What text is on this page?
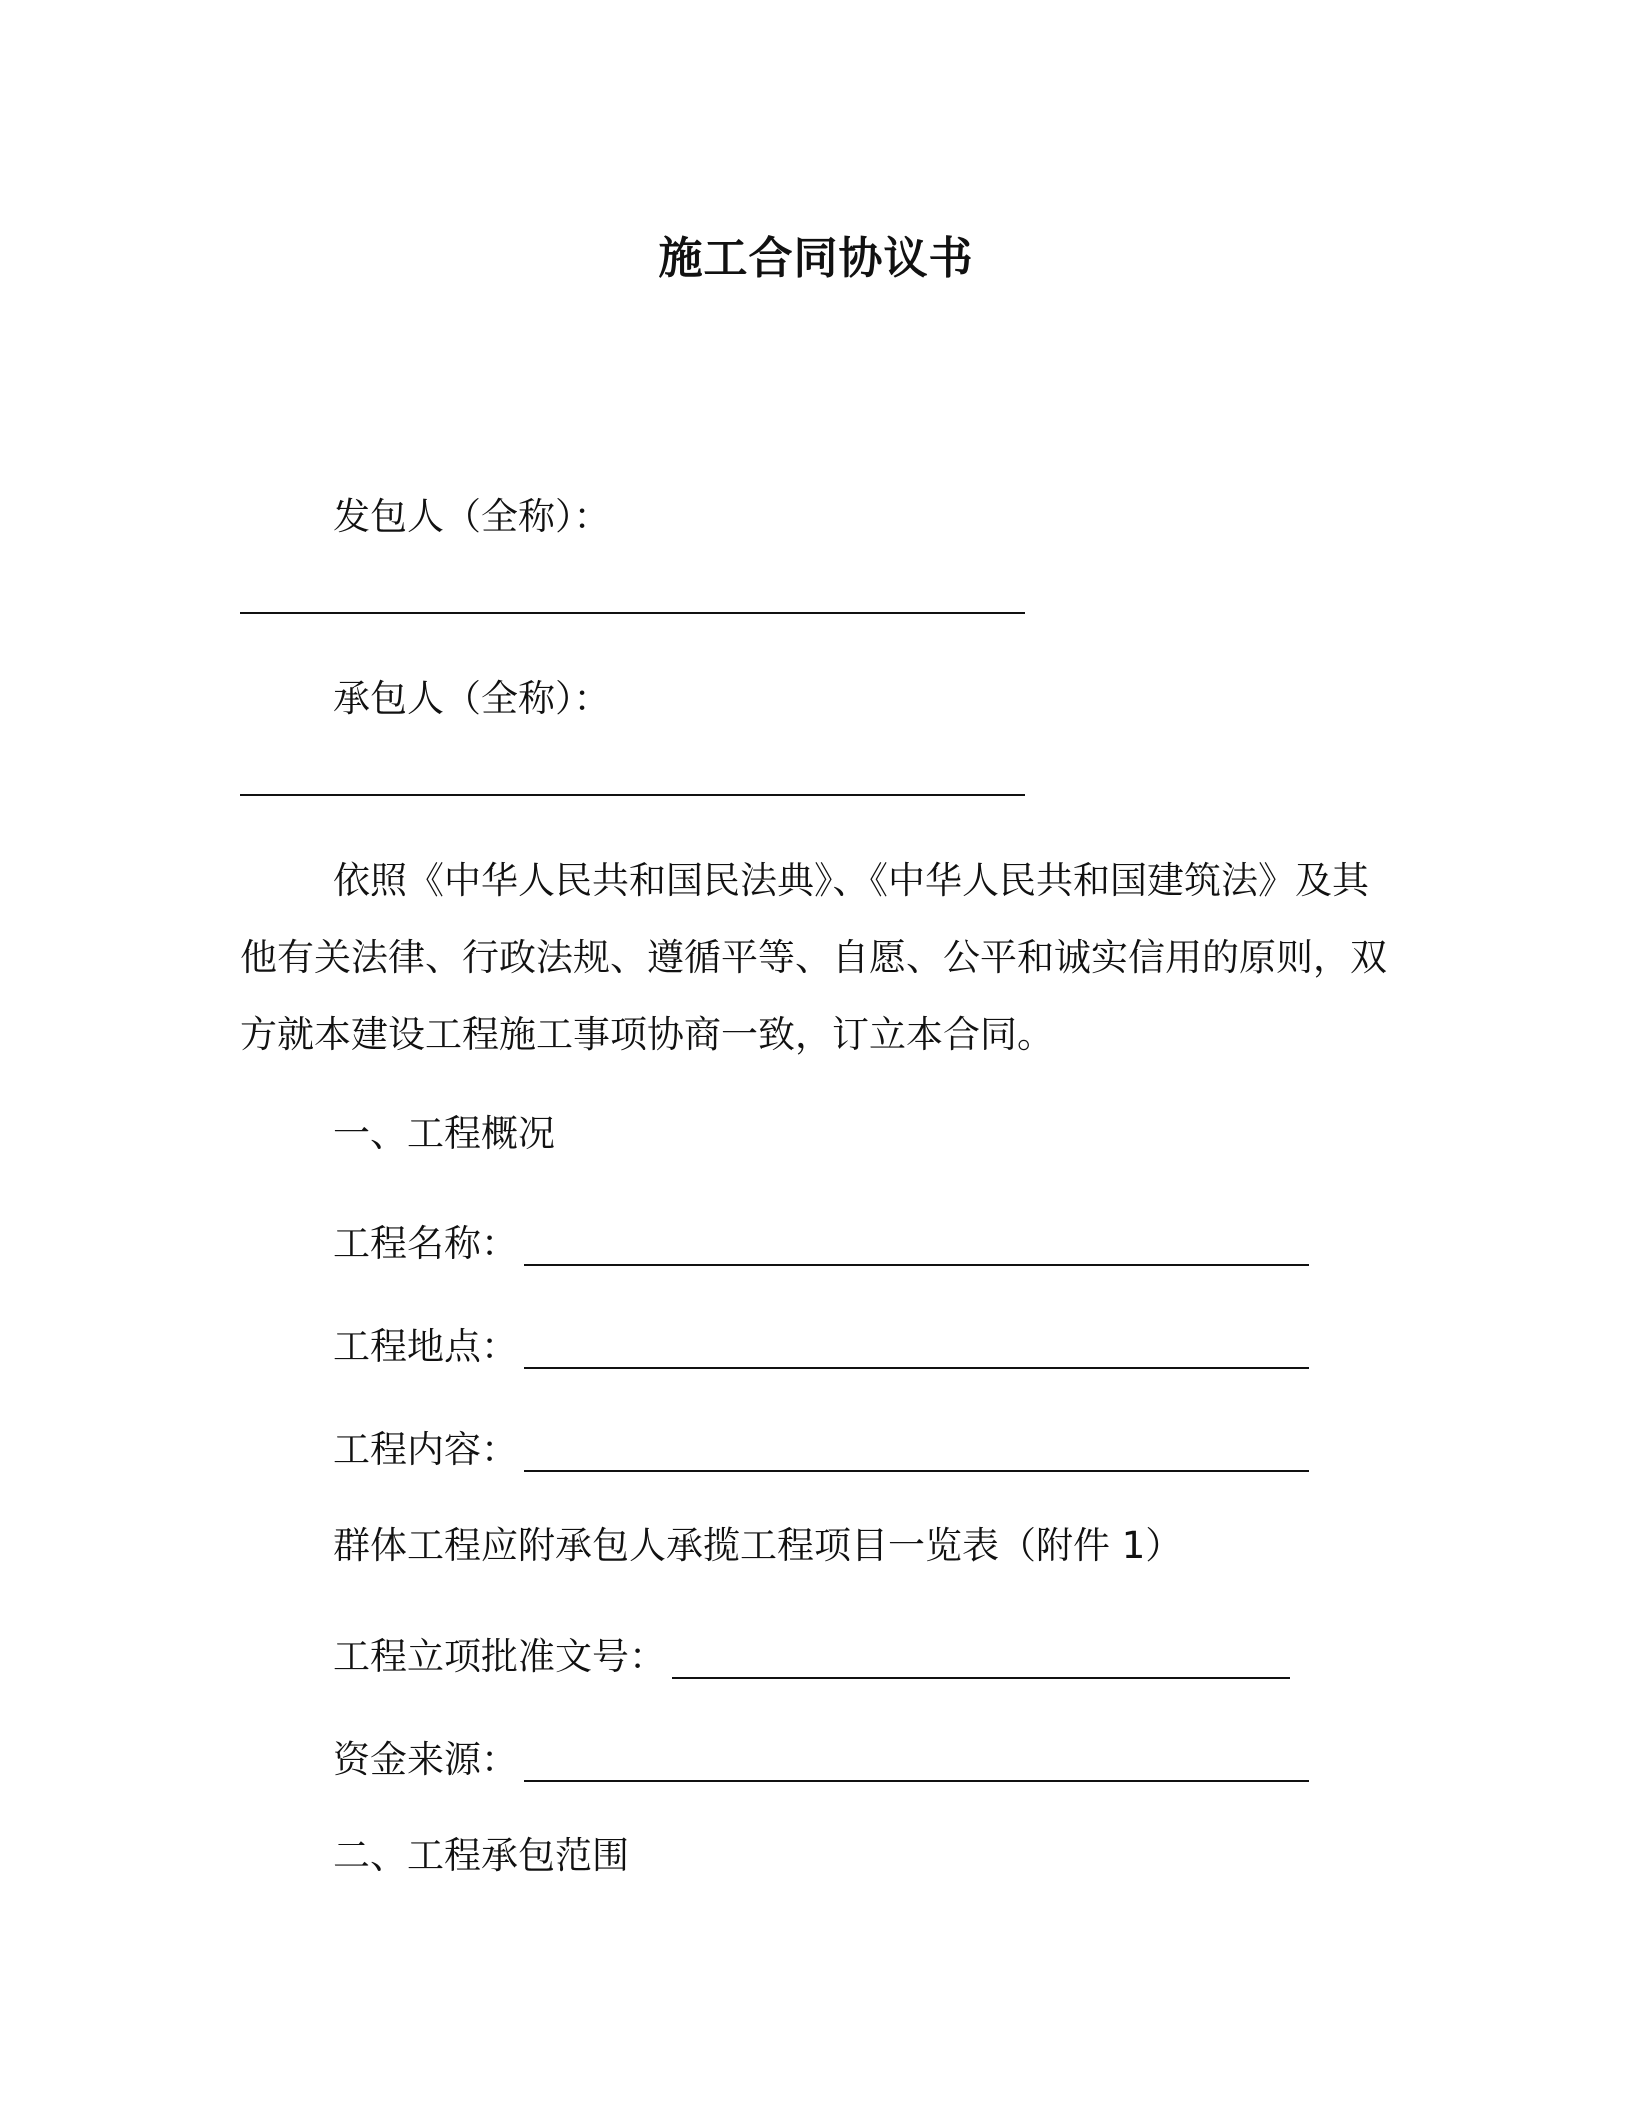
施工合同协议书
发包人（全称）：
承包人（全称）：
依照《中华人民共和国民法典》、《中华人民共和国建筑法》及其他有关法律、行政法规、遵循平等、自愿、公平和诚实信用的原则，双方就本建设工程施工事项协商一致，订立本合同。
一、工程概况
工程名称：
工程地点：
工程内容：
群体工程应附承包人承揽工程项目一览表（附件 1）
工程立项批准文号：
资金来源：
二、工程承包范围
